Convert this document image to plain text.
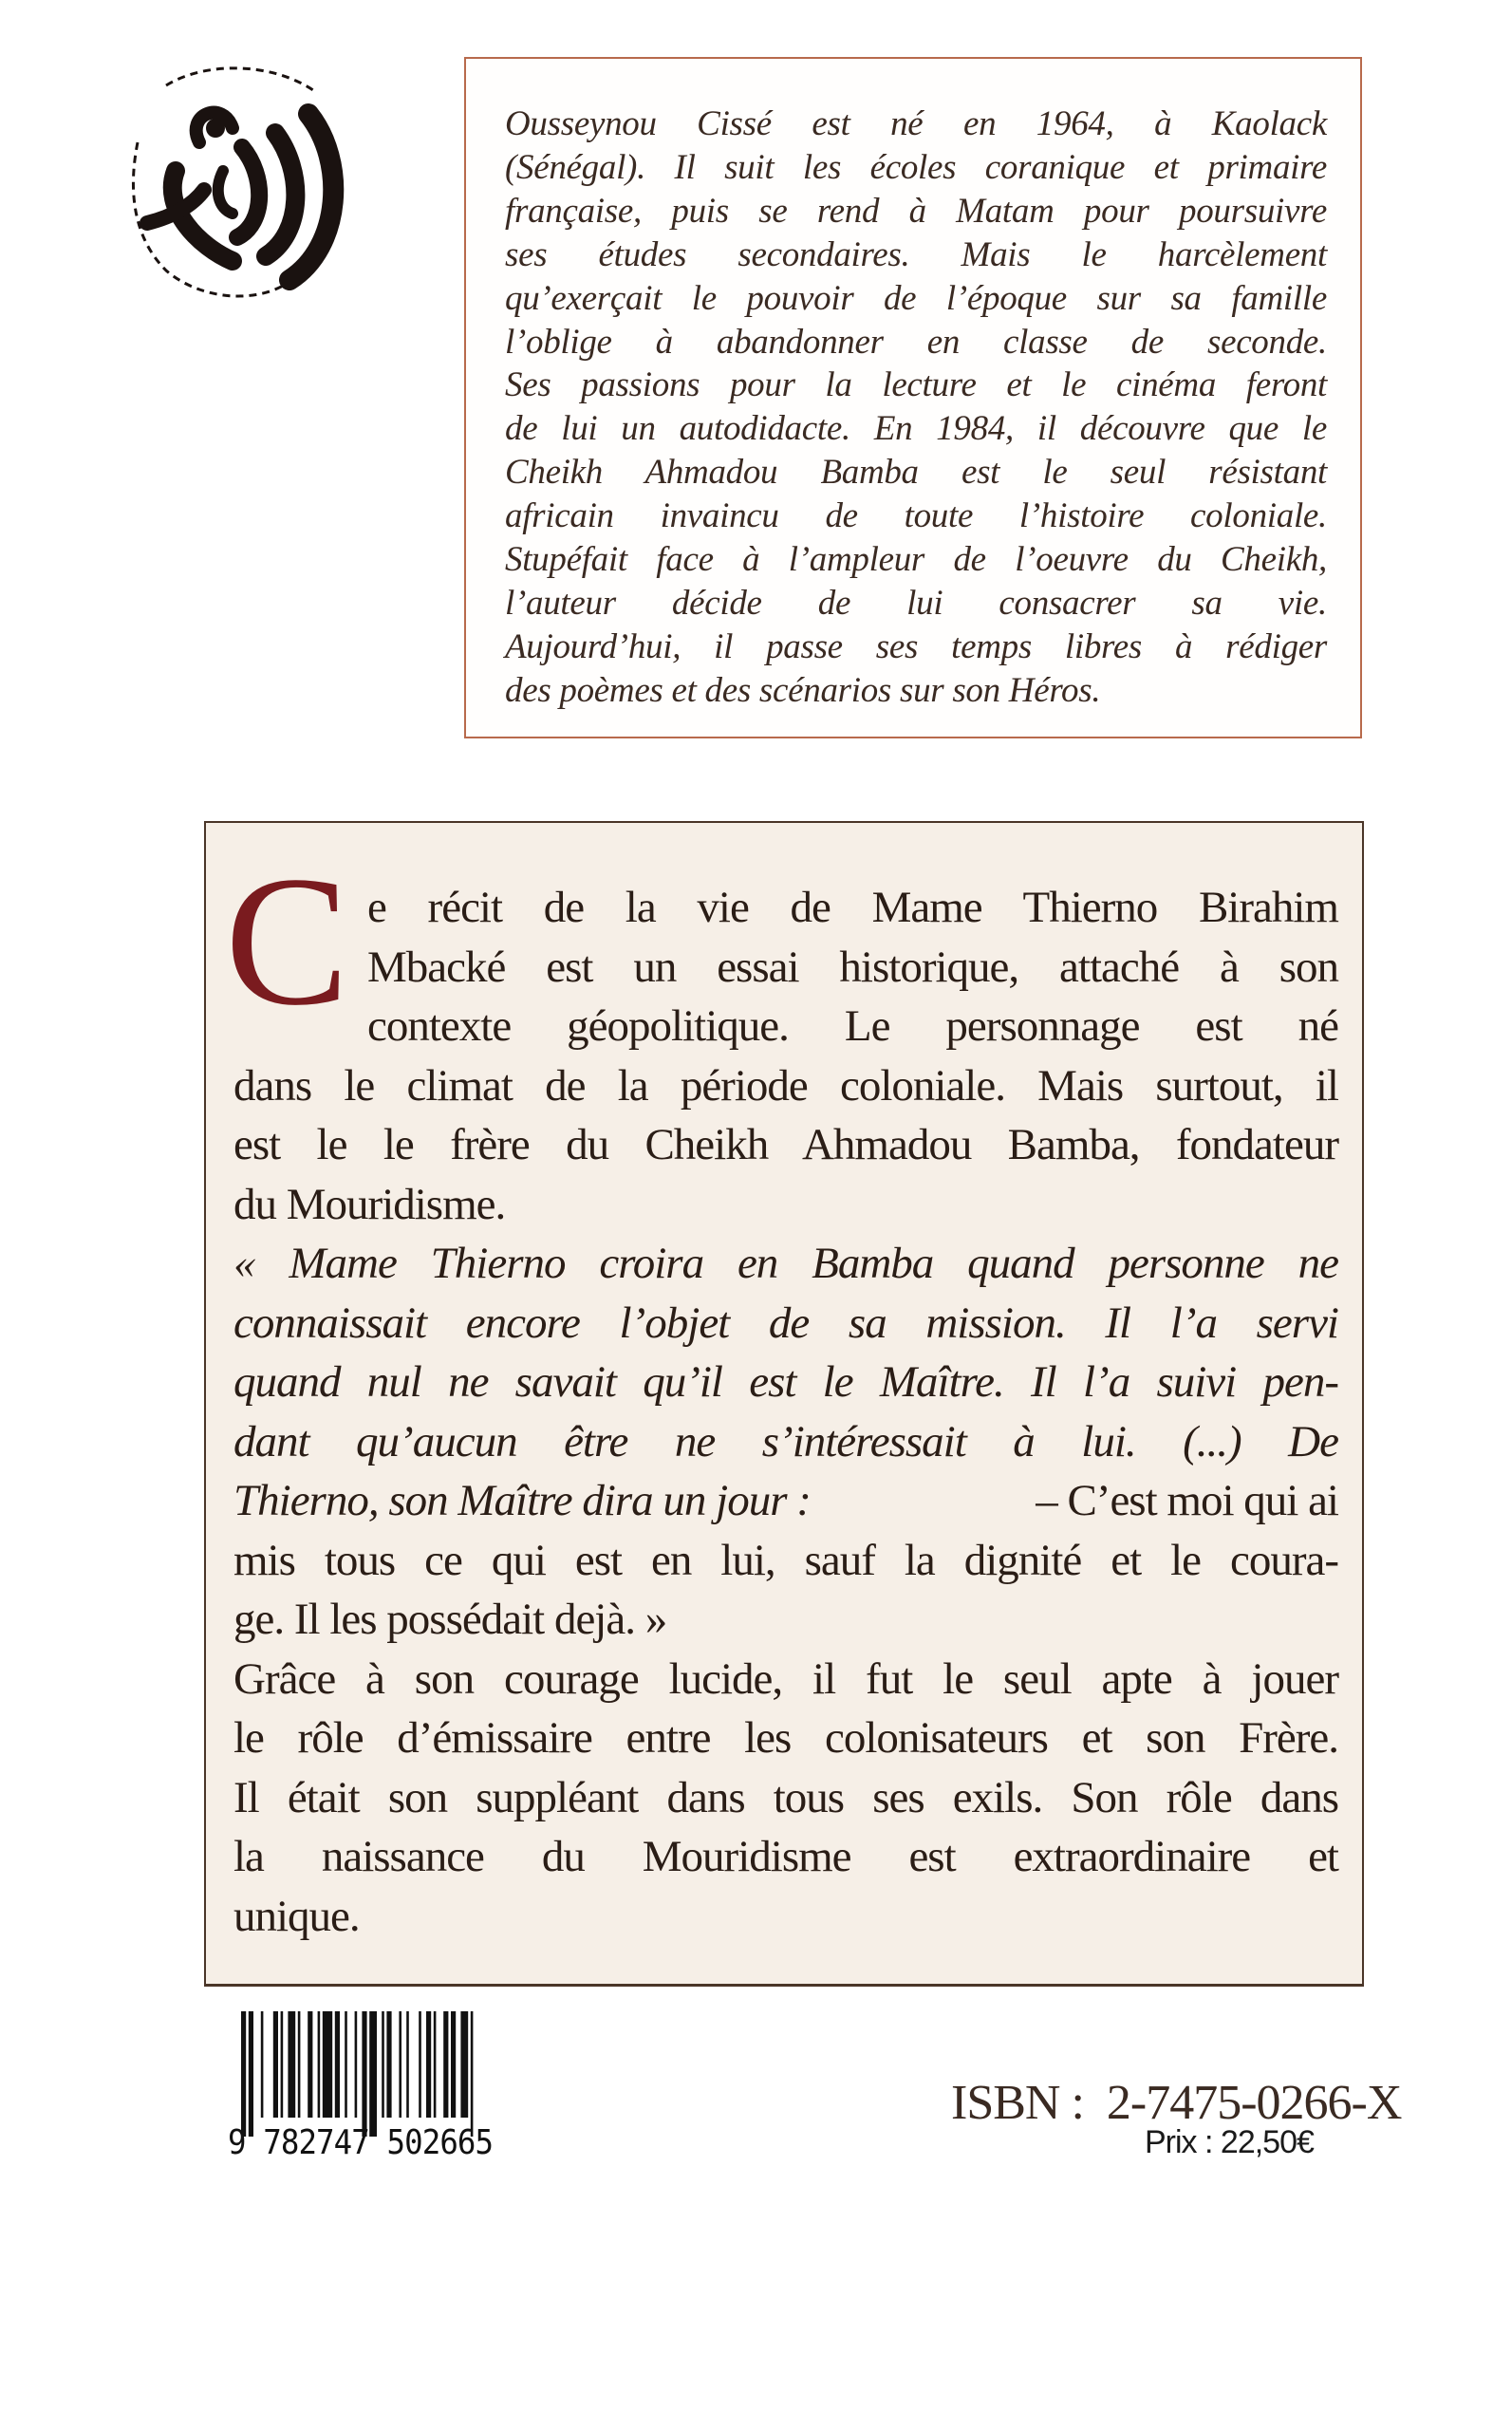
Ousseynou Cissé est né en 1964, à Kaolack
(Sénégal). Il suit les écoles coranique et primaire
française, puis se rend à Matam pour poursuivre
ses études secondaires. Mais le harcèlement
qu’exerçait le pouvoir de l’époque sur sa famille
l’oblige à abandonner en classe de seconde.
Ses passions pour la lecture et le cinéma feront
de lui un autodidacte. En 1984, il découvre que le
Cheikh Ahmadou Bamba est le seul résistant
africain invaincu de toute l’histoire coloniale.
Stupéfait face à l’ampleur de l’oeuvre du Cheikh,
l’auteur décide de lui consacrer sa vie.
Aujourd’hui, il passe ses temps libres à rédiger
des poèmes et des scénarios sur son Héros.
C e récit de la vie de Mame Thierno Birahim
Mbacké est un essai historique, attaché à son
contexte géopolitique. Le personnage est né
dans le climat de la période coloniale. Mais surtout, il
est le le frère du Cheikh Ahmadou Bamba, fondateur
du Mouridisme.
« Mame Thierno croira en Bamba quand personne ne
connaissait encore l’objet de sa mission. Il l’a servi
quand nul ne savait qu’il est le Maître. Il l’a suivi pen-
dant qu’aucun être ne s’intéressait à lui. (...) De
Thierno, son Maître dira un jour :	– C’est moi qui ai
mis tous ce qui est en lui, sauf la dignité et le coura-
ge. Il les possédait dejà. »
Grâce à son courage lucide, il fut le seul apte à jouer
le rôle d’émissaire entre les colonisateurs et son Frère.
Il était son suppléant dans tous ses exils. Son rôle dans
la naissance du Mouridisme est extraordinaire et
unique.
9 782747 502665
ISBN : 2-7475-0266-X
Prix : 22,50€
